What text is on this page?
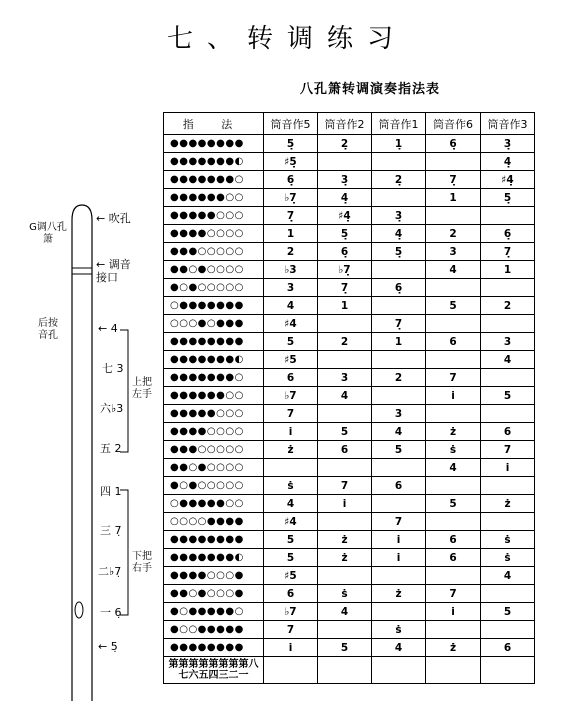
七、转调练习
八孔箫转调演奏指法表
G调八孔箫
← 吹孔
← 调音接口
后按音孔
上把左手
下把右手
← 4
七 3
六♭3
五 2
四 1
三 7̣
二♭7̣
一 6̣
← 5̣
指 法	筒音作5	筒音作2	筒音作1	筒音作6	筒音作3
●●●●●●●●	5̣	2̣	1̣	6̣	3̣
●●●●●●●◐	♯5̣				4̣
●●●●●●●○	6̣	3̣	2̣	7̣	♯4̣
●●●●●●○○	♭7̣	4̣		1	5̣
●●●●●○○○	7̣	♯4̣	3̣		
●●●●○○○○	1	5̣	4̣	2	6̣
●●●○○○○○	2	6̣	5̣	3	7̣
●●○●○○○○	♭3	♭7̣		4	1
●○●○○○○○	3	7̣	6̣		
○●●●●●●●	4	1		5	2
○○○●○●●●	♯4		7̣		
●●●●●●●●	5	2	1	6	3
●●●●●●●◐	♯5				4
●●●●●●●○	6	3	2	7	
●●●●●●○○	♭7	4		i	5
●●●●●○○○	7		3		
●●●●○○○○	i	5	4	ż	6
●●●○○○○○	ż	6	5	ṡ	7
●●○●○○○○				4̇	i
●○●○○○○○	ṡ	7	6		
○●●●●●○○	4̇	i		5̇	ż
○○○○●●●●	♯4̇		7		
●●●●●●●●	5̇	ż	i	6̇	ṡ
●●●●●●●◐	5̇	ż	i	6̇	ṡ
●●●●○○○●	♯5̇				4̇
●●○●○○○●	6̇	ṡ	ż	7̇	
●○●●●●●○	♭7̇	4̇		i̇	5̇
●○○●●●●●	7̇		ṡ		
●●●●●●●●	i̇	5̇	4̇	ż̇	6̇
第第第第第第第第八七六五四三二一					
